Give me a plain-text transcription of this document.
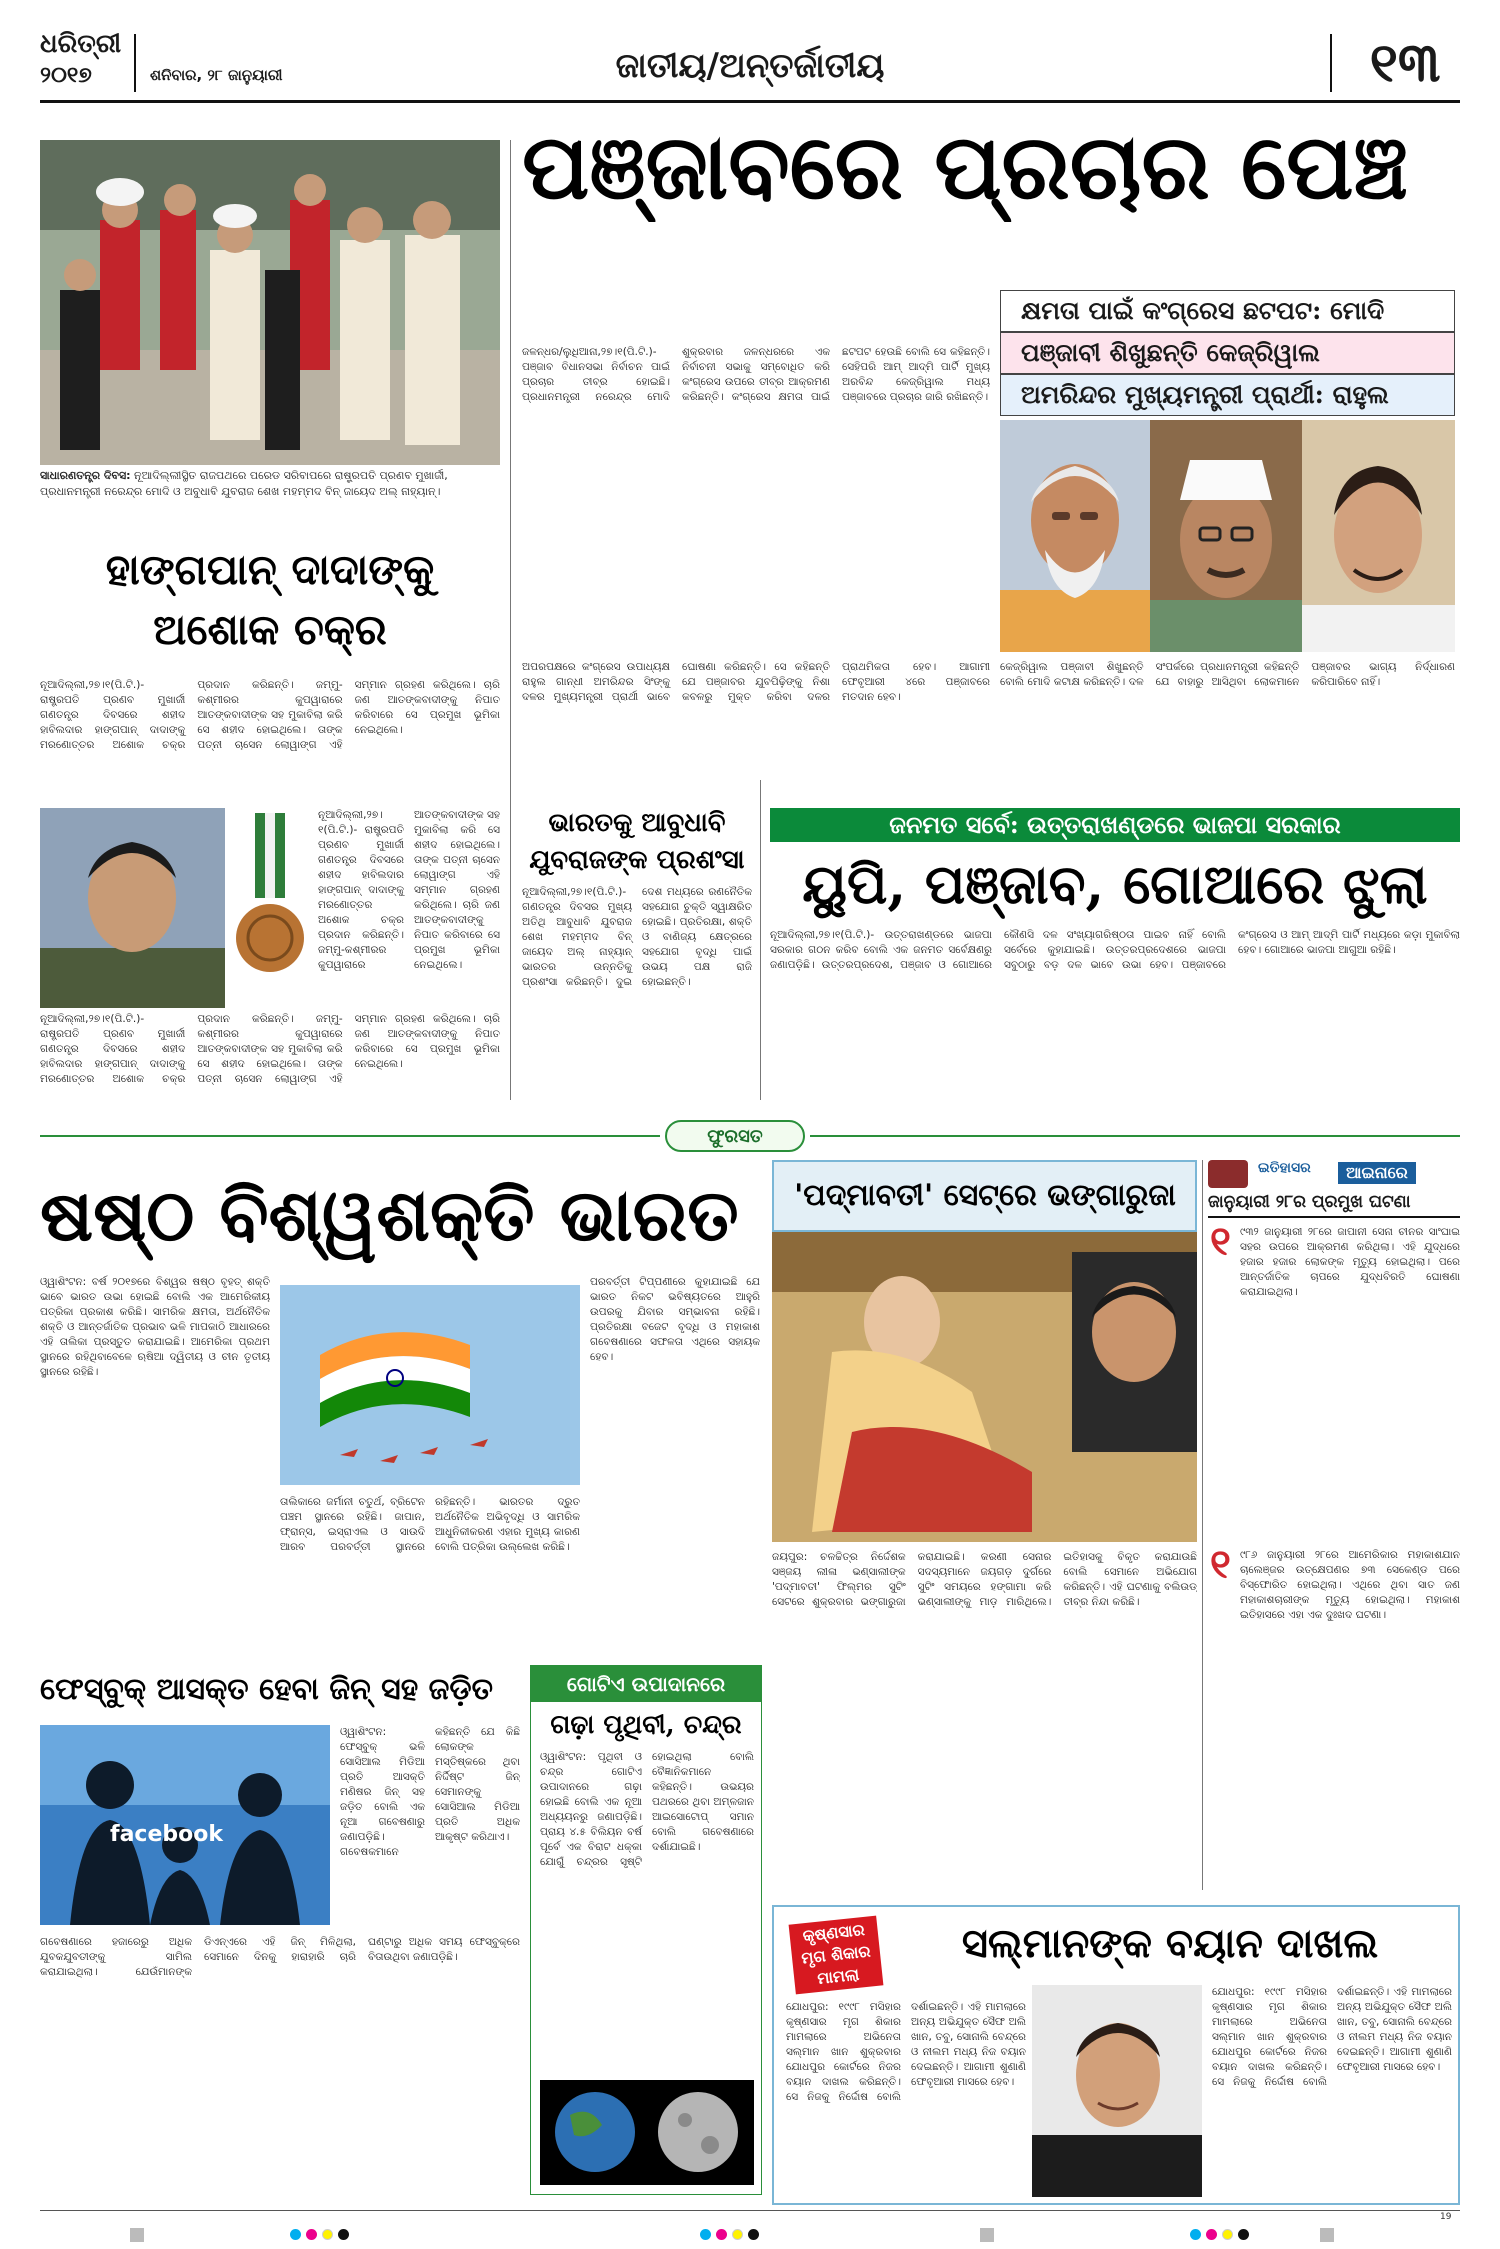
ଧରିତ୍ରୀ
୨୦୧୭	ଶନିବାର, ୨୮ ଜାନୁୟାରୀ	ଜାତୀୟ/ଅନ୍ତର୍ଜାତୀୟ	୧୩
ପଞ୍ଜାବରେ ପ୍ରଚାର ପେଞ୍ଚ
କ୍ଷମତା ପାଇଁ କଂଗ୍ରେସ ଛଟପଟ: ମୋଦି
ପଞ୍ଜାବୀ ଶିଖୁଛନ୍ତି କେଜ୍‌ରିୱାଲ
ଅମରିନ୍ଦର ମୁଖ୍ୟମନ୍ତ୍ରୀ ପ୍ରାର୍ଥୀ: ରାହୁଲ
ଜଳନ୍ଧର/ଲୁଧିଆନା,୨୭।୧(ପି.ଟି.)- ପଞ୍ଜାବ ବିଧାନସଭା ନିର୍ବାଚନ ପାଇଁ ପ୍ରଚାର ତୀବ୍ର ହୋଇଛି। ପ୍ରଧାନମନ୍ତ୍ରୀ ନରେନ୍ଦ୍ର ମୋଦି ଶୁକ୍ରବାର ଜଳନ୍ଧରରେ ଏକ ନିର୍ବାଚନୀ ସଭାକୁ ସମ୍ବୋଧିତ କରି କଂଗ୍ରେସ ଉପରେ ତୀବ୍ର ଆକ୍ରମଣ କରିଛନ୍ତି। କଂଗ୍ରେସ କ୍ଷମତା ପାଇଁ ଛଟପଟ ହେଉଛି ବୋଲି ସେ କହିଛନ୍ତି। ସେହିପରି ଆମ୍ ଆଦ୍‌ମି ପାର୍ଟି ମୁଖ୍ୟ ଅରବିନ୍ଦ କେଜ୍‌ରିୱାଲ ମଧ୍ୟ ପଞ୍ଜାବରେ ପ୍ରଚାର ଜାରି ରଖିଛନ୍ତି।
ଅପରପକ୍ଷରେ କଂଗ୍ରେସ ଉପାଧ୍ୟକ୍ଷ ରାହୁଲ ଗାନ୍ଧୀ ଅମରିନ୍ଦର ସିଂଙ୍କୁ ଦଳର ମୁଖ୍ୟମନ୍ତ୍ରୀ ପ୍ରାର୍ଥୀ ଭାବେ ଘୋଷଣା କରିଛନ୍ତି। ସେ କହିଛନ୍ତି ଯେ ପଞ୍ଜାବର ଯୁବପିଢ଼ିଙ୍କୁ ନିଶା କବଳରୁ ମୁକ୍ତ କରିବା ଦଳର ପ୍ରାଥମିକତା ହେବ। ଆଗାମୀ ଫେବୃଆରୀ ୪ରେ ପଞ୍ଜାବରେ ମତଦାନ ହେବ।
କେଜ୍‌ରିୱାଲ ପଞ୍ଜାବୀ ଶିଖୁଛନ୍ତି ବୋଲି ମୋଦି କଟାକ୍ଷ କରିଛନ୍ତି। ଦଳ ସଂପର୍କରେ ପ୍ରଧାନମନ୍ତ୍ରୀ କହିଛନ୍ତି ଯେ ବାହାରୁ ଆସିଥିବା ଲୋକମାନେ ପଞ୍ଜାବର ଭାଗ୍ୟ ନିର୍ଦ୍ଧାରଣ କରିପାରିବେ ନାହିଁ।
ସାଧାରଣତନ୍ତ୍ର ଦିବସ: ନୂଆଦିଲ୍ଲୀସ୍ଥିତ ରାଜପଥରେ ପରେଡ ସରିବାପରେ ରାଷ୍ଟ୍ରପତି ପ୍ରଣବ ମୁଖାର୍ଜୀ, ପ୍ରଧାନମନ୍ତ୍ରୀ ନରେନ୍ଦ୍ର ମୋଦି ଓ ଅବୁଧାବି ଯୁବରାଜ ଶେଖ ମହମ୍ମଦ ବିନ୍ ଜାୟେଦ ଅଲ୍ ନାହ୍‌ୟାନ୍।
ହାଙ୍ଗପାନ୍ ଦାଦାଙ୍କୁ
ଅଶୋକ ଚକ୍ର
ନୂଆଦିଲ୍ଲୀ,୨୭।୧(ପି.ଟି.)- ରାଷ୍ଟ୍ରପତି ପ୍ରଣବ ମୁଖାର୍ଜୀ ଗଣତନ୍ତ୍ର ଦିବସରେ ଶହୀଦ ହାବିଲଦାର ହାଙ୍ଗପାନ୍ ଦାଦାଙ୍କୁ ମରଣୋତ୍ତର ଅଶୋକ ଚକ୍ର ପ୍ରଦାନ କରିଛନ୍ତି। ଜମ୍ମୁ-କଶ୍ମୀରର କୁପୱାରାରେ ଆତଙ୍କବାଦୀଙ୍କ ସହ ମୁକାବିଲା କରି ସେ ଶହୀଦ ହୋଇଥିଲେ। ତାଙ୍କ ପତ୍ନୀ ଚାସେନ ଲୋୱାଙ୍ଗ ଏହି ସମ୍ମାନ ଗ୍ରହଣ କରିଥିଲେ। ଚାରି ଜଣ ଆତଙ୍କବାଦୀଙ୍କୁ ନିପାତ କରିବାରେ ସେ ପ୍ରମୁଖ ଭୂମିକା ନେଇଥିଲେ।
ନୂଆଦିଲ୍ଲୀ,୨୭।୧(ପି.ଟି.)- ରାଷ୍ଟ୍ରପତି ପ୍ରଣବ ମୁଖାର୍ଜୀ ଗଣତନ୍ତ୍ର ଦିବସରେ ଶହୀଦ ହାବିଲଦାର ହାଙ୍ଗପାନ୍ ଦାଦାଙ୍କୁ ମରଣୋତ୍ତର ଅଶୋକ ଚକ୍ର ପ୍ରଦାନ କରିଛନ୍ତି। ଜମ୍ମୁ-କଶ୍ମୀରର କୁପୱାରାରେ ଆତଙ୍କବାଦୀଙ୍କ ସହ ମୁକାବିଲା କରି ସେ ଶହୀଦ ହୋଇଥିଲେ। ତାଙ୍କ ପତ୍ନୀ ଚାସେନ ଲୋୱାଙ୍ଗ ଏହି ସମ୍ମାନ ଗ୍ରହଣ କରିଥିଲେ। ଚାରି ଜଣ ଆତଙ୍କବାଦୀଙ୍କୁ ନିପାତ କରିବାରେ ସେ ପ୍ରମୁଖ ଭୂମିକା ନେଇଥିଲେ।
ନୂଆଦିଲ୍ଲୀ,୨୭।୧(ପି.ଟି.)- ରାଷ୍ଟ୍ରପତି ପ୍ରଣବ ମୁଖାର୍ଜୀ ଗଣତନ୍ତ୍ର ଦିବସରେ ଶହୀଦ ହାବିଲଦାର ହାଙ୍ଗପାନ୍ ଦାଦାଙ୍କୁ ମରଣୋତ୍ତର ଅଶୋକ ଚକ୍ର ପ୍ରଦାନ କରିଛନ୍ତି। ଜମ୍ମୁ-କଶ୍ମୀରର କୁପୱାରାରେ ଆତଙ୍କବାଦୀଙ୍କ ସହ ମୁକାବିଲା କରି ସେ ଶହୀଦ ହୋଇଥିଲେ। ତାଙ୍କ ପତ୍ନୀ ଚାସେନ ଲୋୱାଙ୍ଗ ଏହି ସମ୍ମାନ ଗ୍ରହଣ କରିଥିଲେ। ଚାରି ଜଣ ଆତଙ୍କବାଦୀଙ୍କୁ ନିପାତ କରିବାରେ ସେ ପ୍ରମୁଖ ଭୂମିକା ନେଇଥିଲେ।
ଭାରତକୁ ଆବୁଧାବି
ଯୁବରାଜଙ୍କ ପ୍ରଶଂସା
ନୂଆଦିଲ୍ଲୀ,୨୭।୧(ପି.ଟି.)- ଗଣତନ୍ତ୍ର ଦିବସର ମୁଖ୍ୟ ଅତିଥି ଆବୁଧାବି ଯୁବରାଜ ଶେଖ ମହମ୍ମଦ ବିନ୍ ଜାୟେଦ ଅଲ୍ ନାହ୍‌ୟାନ୍ ଭାରତର ଉନ୍ନତିକୁ ପ୍ରଶଂସା କରିଛନ୍ତି। ଦୁଇ ଦେଶ ମଧ୍ୟରେ ରଣନୈତିକ ସହଯୋଗ ଚୁକ୍ତି ସ୍ୱାକ୍ଷରିତ ହୋଇଛି। ପ୍ରତିରକ୍ଷା, ଶକ୍ତି ଓ ବାଣିଜ୍ୟ କ୍ଷେତ୍ରରେ ସହଯୋଗ ବୃଦ୍ଧି ପାଇଁ ଉଭୟ ପକ୍ଷ ରାଜି ହୋଇଛନ୍ତି।
ଜନମତ ସର୍ବେ: ଉତ୍ତରାଖଣ୍ଡରେ ଭାଜପା ସରକାର
ୟୁପି, ପଞ୍ଜାବ, ଗୋଆରେ ଝୁଲା
ନୂଆଦିଲ୍ଲୀ,୨୭।୧(ପି.ଟି.)- ଉତ୍ତରାଖଣ୍ଡରେ ଭାଜପା ସରକାର ଗଠନ କରିବ ବୋଲି ଏକ ଜନମତ ସର୍ବେକ୍ଷଣରୁ ଜଣାପଡ଼ିଛି। ଉତ୍ତରପ୍ରଦେଶ, ପଞ୍ଜାବ ଓ ଗୋଆରେ କୌଣସି ଦଳ ସଂଖ୍ୟାଗରିଷ୍ଠତା ପାଇବ ନାହିଁ ବୋଲି ସର୍ବେରେ କୁହାଯାଇଛି। ଉତ୍ତରପ୍ରଦେଶରେ ଭାଜପା ସବୁଠାରୁ ବଡ଼ ଦଳ ଭାବେ ଉଭା ହେବ। ପଞ୍ଜାବରେ କଂଗ୍ରେସ ଓ ଆମ୍ ଆଦ୍‌ମି ପାର୍ଟି ମଧ୍ୟରେ କଡ଼ା ମୁକାବିଲା ହେବ। ଗୋଆରେ ଭାଜପା ଆଗୁଆ ରହିଛି।
ଫୁରସତ
ଷଷ୍ଠ ବିଶ୍ୱଶକ୍ତି ଭାରତ
ଓ୍ୱାଶିଂଟନ: ବର୍ଷ ୨୦୧୭ରେ ବିଶ୍ୱର ଷଷ୍ଠ ବୃହତ୍ ଶକ୍ତି ଭାବେ ଭାରତ ଉଭା ହୋଇଛି ବୋଲି ଏକ ଆମେରିକୀୟ ପତ୍ରିକା ପ୍ରକାଶ କରିଛି। ସାମରିକ କ୍ଷମତା, ଅର୍ଥନୈତିକ ଶକ୍ତି ଓ ଆନ୍ତର୍ଜାତିକ ପ୍ରଭାବ ଭଳି ମାପକାଠି ଆଧାରରେ ଏହି ତାଲିକା ପ୍ରସ୍ତୁତ କରାଯାଇଛି। ଆମେରିକା ପ୍ରଥମ ସ୍ଥାନରେ ରହିଥିବାବେଳେ ଋଷିଆ ଦ୍ୱିତୀୟ ଓ ଚୀନ ତୃତୀୟ ସ୍ଥାନରେ ରହିଛି।
ତାଲିକାରେ ଜର୍ମାନୀ ଚତୁର୍ଥ, ବ୍ରିଟେନ ପଞ୍ଚମ ସ୍ଥାନରେ ରହିଛି। ଜାପାନ, ଫ୍ରାନ୍ସ, ଇସ୍ରାଏଲ ଓ ସାଉଦି ଆରବ ପରବର୍ତ୍ତୀ ସ୍ଥାନରେ ରହିଛନ୍ତି। ଭାରତର ଦ୍ରୁତ ଅର୍ଥନୈତିକ ଅଭିବୃଦ୍ଧି ଓ ସାମରିକ ଆଧୁନିକୀକରଣ ଏହାର ମୁଖ୍ୟ କାରଣ ବୋଲି ପତ୍ରିକା ଉଲ୍ଲେଖ କରିଛି।
ପରବର୍ତ୍ତୀ ଟିପ୍ପଣୀରେ କୁହାଯାଇଛି ଯେ ଭାରତ ନିକଟ ଭବିଷ୍ୟତରେ ଆହୁରି ଉପରକୁ ଯିବାର ସମ୍ଭାବନା ରହିଛି। ପ୍ରତିରକ୍ଷା ବଜେଟ ବୃଦ୍ଧି ଓ ମହାକାଶ ଗବେଷଣାରେ ସଫଳତା ଏଥିରେ ସହାୟକ ହେବ।
'ପଦ୍ମାବତୀ' ସେଟ୍‌ରେ ଭଙ୍ଗାରୁଜା
ଜୟପୁର: ଚଳଚ୍ଚିତ୍ର ନିର୍ଦ୍ଦେଶକ ସଞ୍ଜୟ ଲୀଳା ଭଣ୍ସାଲୀଙ୍କ 'ପଦ୍ମାବତୀ' ଫିଲ୍ମର ସୁଟିଂ ସେଟରେ ଶୁକ୍ରବାର ଭଙ୍ଗାରୁଜା କରାଯାଇଛି। କରଣୀ ସେନାର ସଦସ୍ୟମାନେ ଜୟଗଡ଼ ଦୁର୍ଗରେ ସୁଟିଂ ସମୟରେ ହଙ୍ଗାମା କରି ଭଣ୍ସାଲୀଙ୍କୁ ମାଡ଼ ମାରିଥିଲେ। ଇତିହାସକୁ ବିକୃତ କରାଯାଉଛି ବୋଲି ସେମାନେ ଅଭିଯୋଗ କରିଛନ୍ତି। ଏହି ଘଟଣାକୁ ବଲିଉଡ୍ ତୀବ୍ର ନିନ୍ଦା କରିଛି।
ଇତିହାସର	ଆଇନାରେ
ଜାନୁୟାରୀ ୨୮ର ପ୍ରମୁଖ ଘଟଣା
୧ ୯୩୨ ଜାନୁୟାରୀ ୨୮ରେ ଜାପାନୀ ସେନା ଚୀନର ସାଂଘାଇ ସହର ଉପରେ ଆକ୍ରମଣ କରିଥିଲା। ଏହି ଯୁଦ୍ଧରେ ହଜାର ହଜାର ଲୋକଙ୍କ ମୃତ୍ୟୁ ହୋଇଥିଲା। ପରେ ଆନ୍ତର୍ଜାତିକ ଚାପରେ ଯୁଦ୍ଧବିରତି ଘୋଷଣା କରାଯାଇଥିଲା।
୧ ୯୮୬ ଜାନୁୟାରୀ ୨୮ରେ ଆମେରିକାର ମହାକାଶଯାନ ଚାଲେଞ୍ଜର ଉତ୍କ୍ଷେପଣର ୭୩ ସେକେଣ୍ଡ ପରେ ବିସ୍ଫୋରିତ ହୋଇଥିଲା। ଏଥିରେ ଥିବା ସାତ ଜଣ ମହାକାଶଚାରୀଙ୍କ ମୃତ୍ୟୁ ହୋଇଥିଲା। ମହାକାଶ ଇତିହାସରେ ଏହା ଏକ ଦୁଃଖଦ ଘଟଣା।
ଫେସ୍‌ବୁକ୍ ଆସକ୍ତ ହେବା ଜିନ୍ ସହ ଜଡ଼ିତ
facebook
ଓ୍ୱାଶିଂଟନ: ଫେସ୍‌ବୁକ୍ ଭଳି ସୋସିଆଲ ମିଡିଆ ପ୍ରତି ଆସକ୍ତି ମଣିଷର ଜିନ୍ ସହ ଜଡ଼ିତ ବୋଲି ଏକ ନୂଆ ଗବେଷଣାରୁ ଜଣାପଡ଼ିଛି। ଗବେଷକମାନେ କହିଛନ୍ତି ଯେ କିଛି ଲୋକଙ୍କ ମସ୍ତିଷ୍କରେ ଥିବା ନିର୍ଦ୍ଦିଷ୍ଟ ଜିନ୍ ସେମାନଙ୍କୁ ସୋସିଆଲ ମିଡିଆ ପ୍ରତି ଅଧିକ ଆକୃଷ୍ଟ କରିଥାଏ।
ଗବେଷଣାରେ ହଜାରେରୁ ଅଧିକ ଯୁବକଯୁବତୀଙ୍କୁ ସାମିଲ କରାଯାଇଥିଲା। ଯେଉଁମାନଙ୍କ ଡିଏନ୍‌ଏରେ ଏହି ଜିନ୍ ମିଳିଥିଲା, ସେମାନେ ଦିନକୁ ହାରାହାରି ଚାରି ଘଣ୍ଟାରୁ ଅଧିକ ସମୟ ଫେସ୍‌ବୁକ୍‌ରେ ବିତାଉଥିବା ଜଣାପଡ଼ିଛି।
ଗୋଟିଏ ଉପାଦାନରେ
ଗଢ଼ା ପୃଥିବୀ, ଚନ୍ଦ୍ର
ଓ୍ୱାଶିଂଟନ: ପୃଥିବୀ ଓ ଚନ୍ଦ୍ର ଗୋଟିଏ ଉପାଦାନରେ ଗଢ଼ା ହୋଇଛି ବୋଲି ଏକ ନୂଆ ଅଧ୍ୟୟନରୁ ଜଣାପଡ଼ିଛି। ପ୍ରାୟ ୪.୫ ବିଲିୟନ ବର୍ଷ ପୂର୍ବେ ଏକ ବିରାଟ ଧକ୍କା ଯୋଗୁଁ ଚନ୍ଦ୍ରର ସୃଷ୍ଟି ହୋଇଥିଲା ବୋଲି ବୈଜ୍ଞାନିକମାନେ କହିଛନ୍ତି। ଉଭୟର ପଥରରେ ଥିବା ଅମ୍ଳଜାନ ଆଇସୋଟୋପ୍ ସମାନ ବୋଲି ଗବେଷଣାରେ ଦର୍ଶାଯାଇଛି।
କୃଷ୍ଣସାର ମୃଗ ଶିକାର ମାମଲା
ସଲ୍‌ମାନଙ୍କ ବୟାନ ଦାଖଲ
ଯୋଧପୁର: ୧୯୯୮ ମସିହାର କୃଷ୍ଣସାର ମୃଗ ଶିକାର ମାମଲାରେ ଅଭିନେତା ସଲ୍‌ମାନ ଖାନ ଶୁକ୍ରବାର ଯୋଧପୁର କୋର୍ଟରେ ନିଜର ବୟାନ ଦାଖଲ କରିଛନ୍ତି। ସେ ନିଜକୁ ନିର୍ଦ୍ଦୋଷ ବୋଲି ଦର୍ଶାଇଛନ୍ତି। ଏହି ମାମଲାରେ ଅନ୍ୟ ଅଭିଯୁକ୍ତ ସୈଫ ଅଲି ଖାନ, ତବୁ, ସୋନାଲି ବେନ୍ଦ୍ରେ ଓ ନୀଲମ ମଧ୍ୟ ନିଜ ବୟାନ ଦେଇଛନ୍ତି। ଆଗାମୀ ଶୁଣାଣି ଫେବୃଆରୀ ମାସରେ ହେବ।
ଯୋଧପୁର: ୧୯୯୮ ମସିହାର କୃଷ୍ଣସାର ମୃଗ ଶିକାର ମାମଲାରେ ଅଭିନେତା ସଲ୍‌ମାନ ଖାନ ଶୁକ୍ରବାର ଯୋଧପୁର କୋର୍ଟରେ ନିଜର ବୟାନ ଦାଖଲ କରିଛନ୍ତି। ସେ ନିଜକୁ ନିର୍ଦ୍ଦୋଷ ବୋଲି ଦର୍ଶାଇଛନ୍ତି। ଏହି ମାମଲାରେ ଅନ୍ୟ ଅଭିଯୁକ୍ତ ସୈଫ ଅଲି ଖାନ, ତବୁ, ସୋନାଲି ବେନ୍ଦ୍ରେ ଓ ନୀଲମ ମଧ୍ୟ ନିଜ ବୟାନ ଦେଇଛନ୍ତି। ଆଗାମୀ ଶୁଣାଣି ଫେବୃଆରୀ ମାସରେ ହେବ।
19
